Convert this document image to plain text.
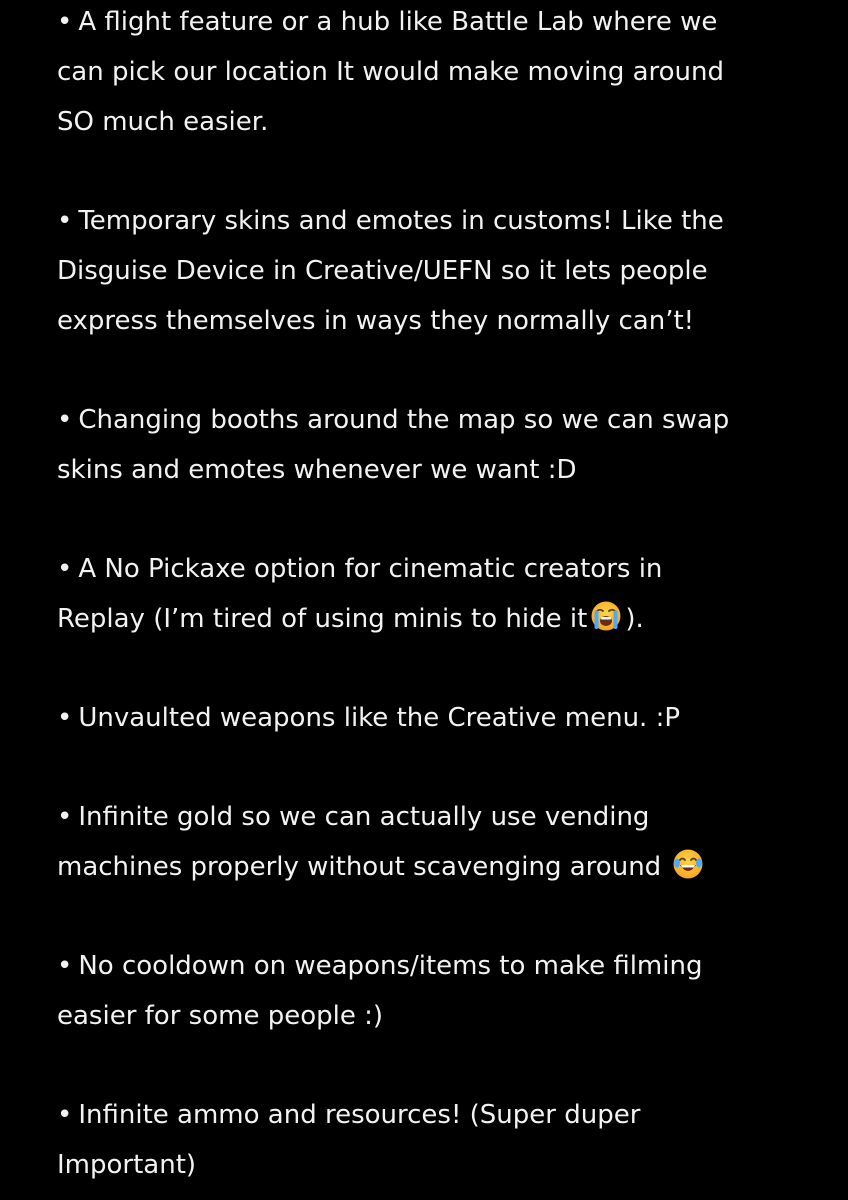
• A flight feature or a hub like Battle Lab where we
can pick our location It would make moving around
SO much easier.

• Temporary skins and emotes in customs! Like the
Disguise Device in Creative/UEFN so it lets people
express themselves in ways they normally can’t!

• Changing booths around the map so we can swap
skins and emotes whenever we want :D

• A No Pickaxe option for cinematic creators in
Replay (I’m tired of using minis to hide it ).

• Unvaulted weapons like the Creative menu. :P

• Infinite gold so we can actually use vending
machines properly without scavenging around

• No cooldown on weapons/items to make filming
easier for some people :)

• Infinite ammo and resources! (Super duper
Important)
